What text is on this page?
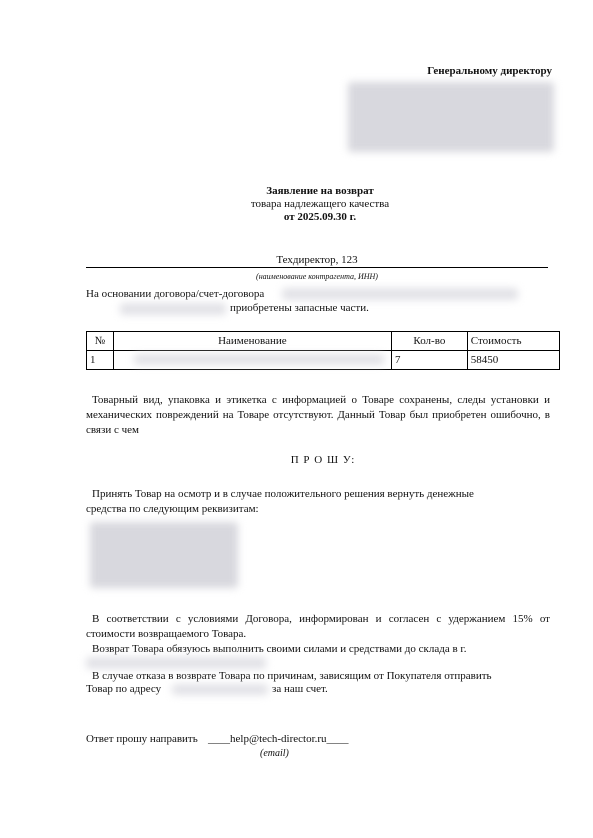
Генеральному директору
Заявление на возврат
товара надлежащего качества
от 2025.09.30 г.
Техдиректор, 123
(наименование контрагента, ИНН)
На основании договора/счет-договора
приобретены запасные части.
№	Наименование	Кол-во	Стоимость
1		7	58450
Товарный вид, упаковка и этикетка с информацией о Товаре сохранены, следы установки и механических повреждений на Товаре отсутствуют. Данный Товар был приобретен ошибочно, в связи с чем
П Р О Ш У:
Принять Товар на осмотр и в случае положительного решения вернуть денежные средства по следующим реквизитам:
В соответствии с условиями Договора, информирован и согласен с удержанием 15% от стоимости возвращаемого Товара.
Возврат Товара обязуюсь выполнить своими силами и средствами до склада в г.
В случае отказа в возврате Товара по причинам, зависящим от Покупателя отправить
Товар по адресу	за наш счет.
Ответ прошу направить ____help@tech-director.ru____
(email)
